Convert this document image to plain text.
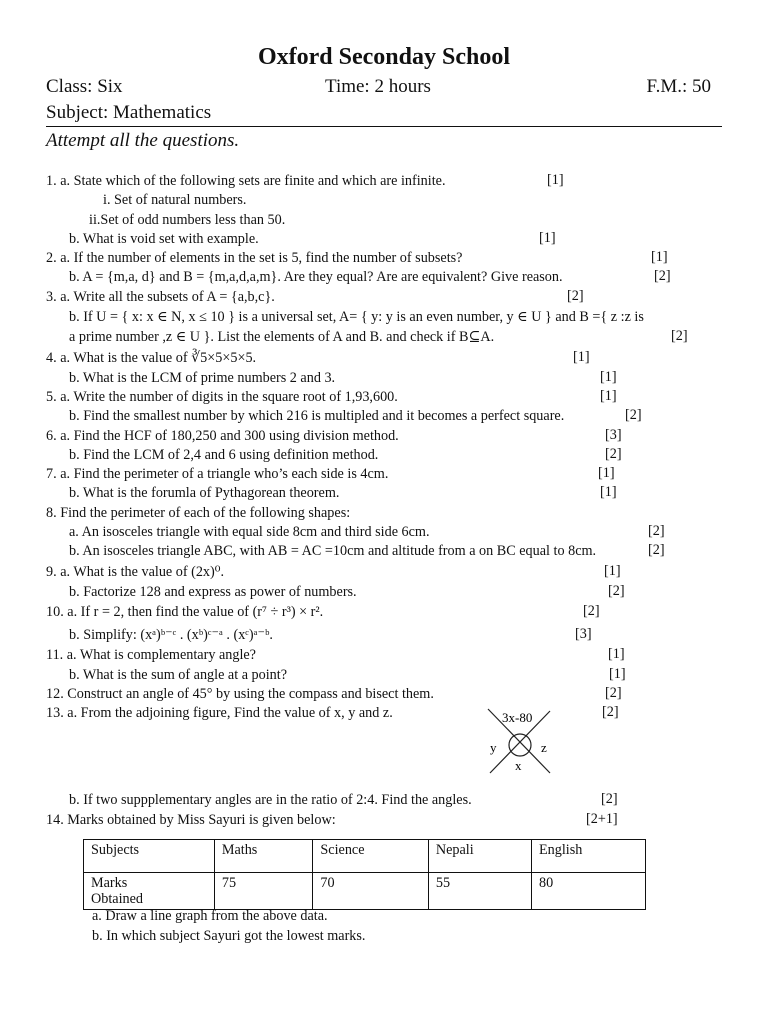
Oxford Seconday School
Class: Six	Time: 2 hours	F.M.: 50
Subject: Mathematics
Attempt all the questions.
1. a. State which of the following sets are finite and which are infinite.	[1]
i. Set of natural numbers.
ii.Set of odd numbers less than 50.
b. What is void set with example.	[1]
2. a. If the number of elements in the set is 5, find the number of subsets?	[1]
b. A = {m,a, d} and B = {m,a,d,a,m}. Are they equal? Are are equivalent? Give reason.	[2]
3. a. Write all the subsets of A = {a,b,c}.	[2]
b. If U = { x: x ∈ N, x ≤ 10 } is a universal set, A= { y: y is an even number, y ∈ U } and B ={ z :z is
a prime number ,z ∈ U }. List the elements of A and B. and check if B⊆A.	[2]
4. a. What is the value of ∛5×5×5×5.	[1]
b. What is the LCM of prime numbers 2 and 3.	[1]
5. a. Write the number of digits in the square root of 1,93,600.	[1]
b. Find the smallest number by which 216 is multipled and it becomes a perfect square.	[2]
6. a. Find the HCF of 180,250 and 300 using division method.	[3]
b. Find the LCM of 2,4 and 6 using definition method.	[2]
7. a. Find the perimeter of a triangle who’s each side is 4cm.	[1]
b. What is the forumla of Pythagorean theorem.	[1]
8. Find the perimeter of each of the following shapes:
a. An isosceles triangle with equal side 8cm and third side 6cm.	[2]
b. An isosceles triangle ABC, with AB = AC =10cm and altitude from a on BC equal to 8cm.	[2]
9. a. What is the value of (2x)⁰.	[1]
b. Factorize 128 and express as power of numbers.	[2]
10. a. If r = 2, then find the value of (r⁷ ÷ r³) × r².	[2]
b. Simplify: (xᵃ)ᵇ⁻ᶜ . (xᵇ)ᶜ⁻ᵃ . (xᶜ)ᵃ⁻ᵇ.	[3]
11. a. What is complementary angle?	[1]
b. What is the sum of angle at a point?	[1]
12. Construct an angle of 45° by using the compass and bisect them.	[2]
13. a. From the adjoining figure, Find the value of x, y and z.	[2]
3x-80
y	z
x
b. If two suppplementary angles are in the ratio of 2:4. Find the angles.	[2]
14. Marks obtained by Miss Sayuri is given below:	[2+1]
Subjects	Maths	Science	Nepali	English
Marks
Obtained	75	70	55	80
a. Draw a line graph from the above data.
b. In which subject Sayuri got the lowest marks.
